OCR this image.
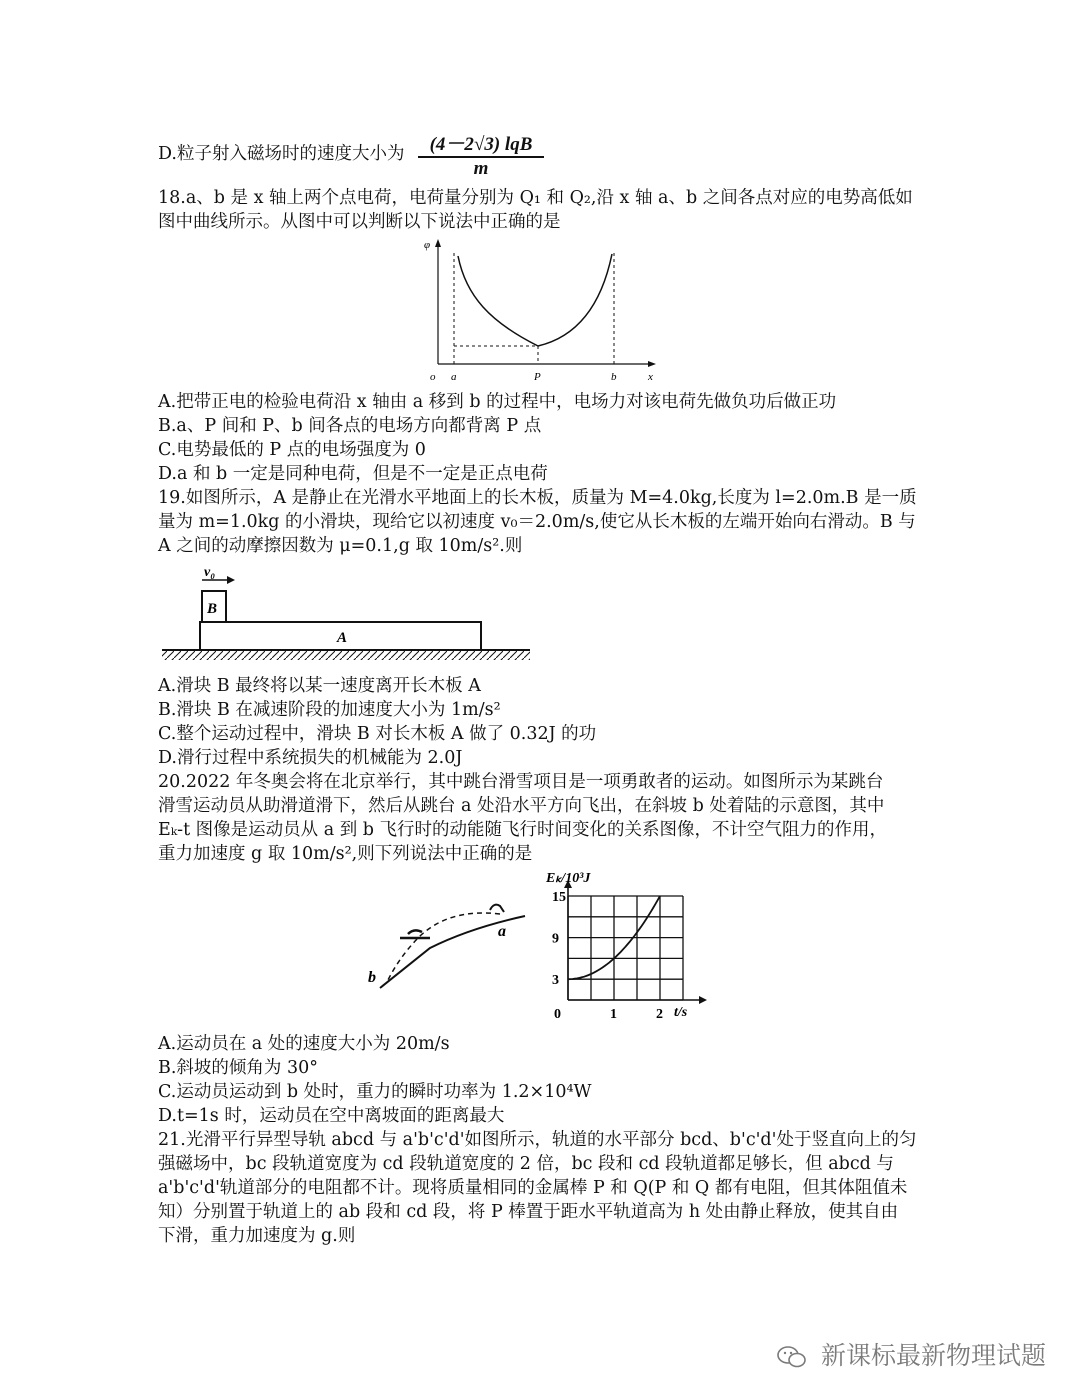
D.粒子射入磁场时的速度大小为	(4－2√3) lqB
m
18.a、b 是 x 轴上两个点电荷，电荷量分别为 Q₁ 和 Q₂,沿 x 轴 a、b 之间各点对应的电势高低如
图中曲线所示。从图中可以判断以下说法中正确的是
φ
o a	P	b	x
A.把带正电的检验电荷沿 x 轴由 a 移到 b 的过程中，电场力对该电荷先做负功后做正功
B.a、P 间和 P、b 间各点的电场方向都背离 P 点
C.电势最低的 P 点的电场强度为 0
D.a 和 b 一定是同种电荷，但是不一定是正点电荷
19.如图所示，A 是静止在光滑水平地面上的长木板，质量为 M=4.0kg,长度为 l=2.0m.B 是一质
量为 m=1.0kg 的小滑块，现给它以初速度 v₀＝2.0m/s,使它从长木板的左端开始向右滑动。B 与
A 之间的动摩擦因数为 μ=0.1,g 取 10m/s².则
v₀
B
A
A.滑块 B 最终将以某一速度离开长木板 A
B.滑块 B 在减速阶段的加速度大小为 1m/s²
C.整个运动过程中，滑块 B 对长木板 A 做了 0.32J 的功
D.滑行过程中系统损失的机械能为 2.0J
20.2022 年冬奥会将在北京举行，其中跳台滑雪项目是一项勇敢者的运动。如图所示为某跳台
滑雪运动员从助滑道滑下，然后从跳台 a 处沿水平方向飞出，在斜坡 b 处着陆的示意图，其中
Eₖ-t 图像是运动员从 a 到 b 飞行时的动能随飞行时间变化的关系图像，不计空气阻力的作用，
重力加速度 g 取 10m/s²,则下列说法中正确的是
a
b	3
9
15
0	1	2
Eₖ/10³J
t/s
A.运动员在 a 处的速度大小为 20m/s
B.斜坡的倾角为 30°
C.运动员运动到 b 处时，重力的瞬时功率为 1.2×10⁴W
D.t=1s 时，运动员在空中离坡面的距离最大
21.光滑平行异型导轨 abcd 与 a'b'c'd'如图所示，轨道的水平部分 bcd、b'c'd'处于竖直向上的匀
强磁场中，bc 段轨道宽度为 cd 段轨道宽度的 2 倍，bc 段和 cd 段轨道都足够长，但 abcd 与
a'b'c'd'轨道部分的电阻都不计。现将质量相同的金属棒 P 和 Q(P 和 Q 都有电阻，但其体阻值未
知）分别置于轨道上的 ab 段和 cd 段，将 P 棒置于距水平轨道高为 h 处由静止释放，使其自由
下滑，重力加速度为 g.则
新课标最新物理试题
